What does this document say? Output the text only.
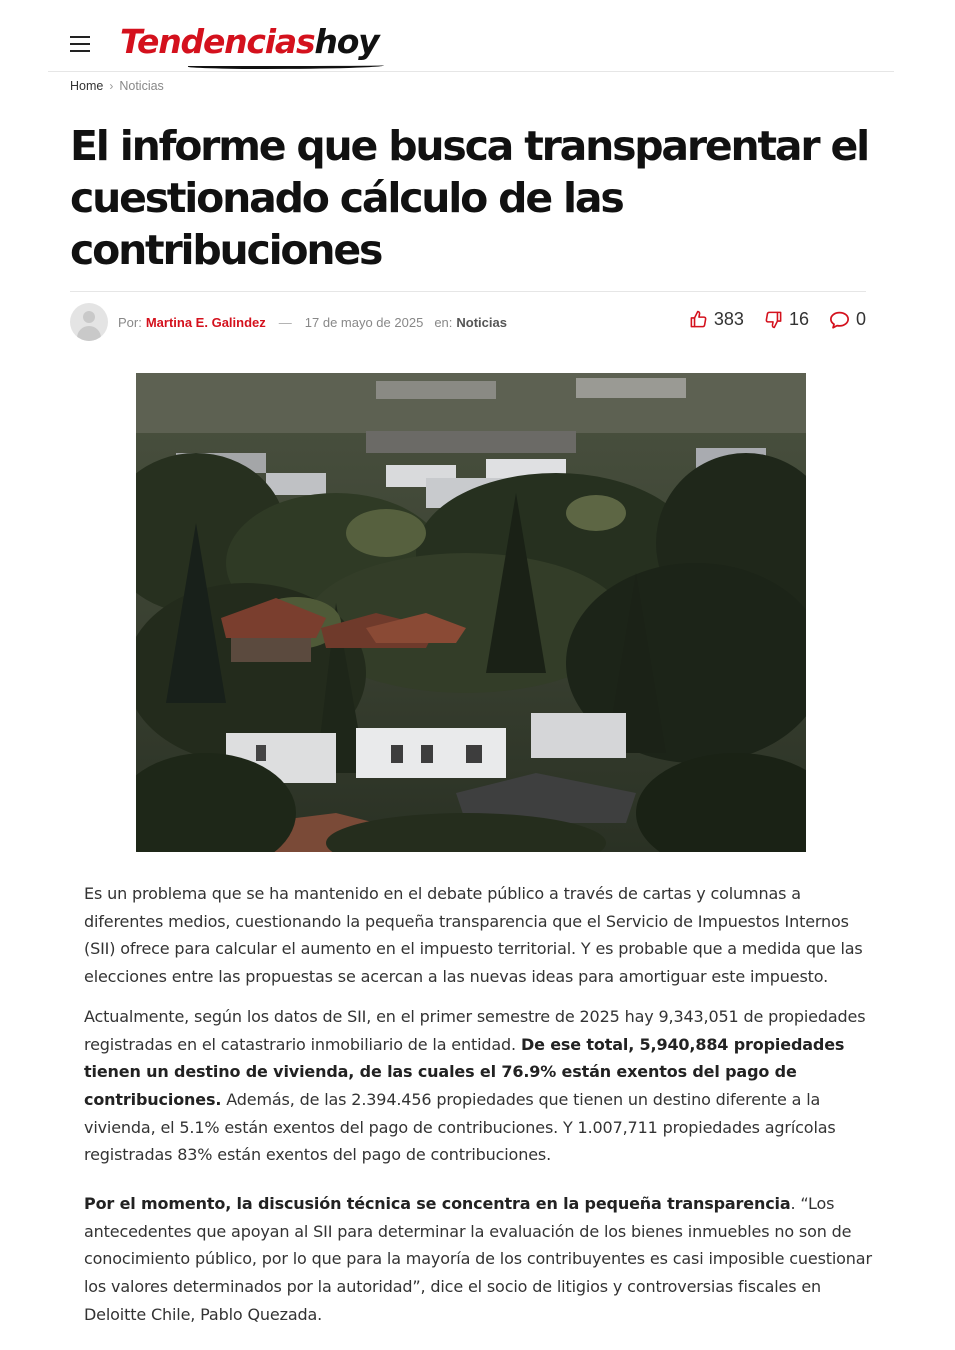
Tendenciashoy
Home › Noticias
El informe que busca transparentar el cuestionado cálculo de las contribuciones
Por: Martina E. Galindez — 17 de mayo de 2025 en: Noticias	383	16	0

Es un problema que se ha mantenido en el debate público a través de cartas y columnas a diferentes medios, cuestionando la pequeña transparencia que el Servicio de Impuestos Internos (SII) ofrece para calcular el aumento en el impuesto territorial. Y es probable que a medida que las elecciones entre las propuestas se acercan a las nuevas ideas para amortiguar este impuesto.

Actualmente, según los datos de SII, en el primer semestre de 2025 hay 9,343,051 de propiedades registradas en el catastrario inmobiliario de la entidad. De ese total, 5,940,884 propiedades tienen un destino de vivienda, de las cuales el 76.9% están exentos del pago de contribuciones. Además, de las 2.394.456 propiedades que tienen un destino diferente a la vivienda, el 5.1% están exentos del pago de contribuciones. Y 1.007,711 propiedades agrícolas registradas 83% están exentos del pago de contribuciones.

Por el momento, la discusión técnica se concentra en la pequeña transparencia. “Los antecedentes que apoyan al SII para determinar la evaluación de los bienes inmuebles no son de conocimiento público, por lo que para la mayoría de los contribuyentes es casi imposible cuestionar los valores determinados por la autoridad”, dice el socio de litigios y controversias fiscales en Deloitte Chile, Pablo Quezada.
